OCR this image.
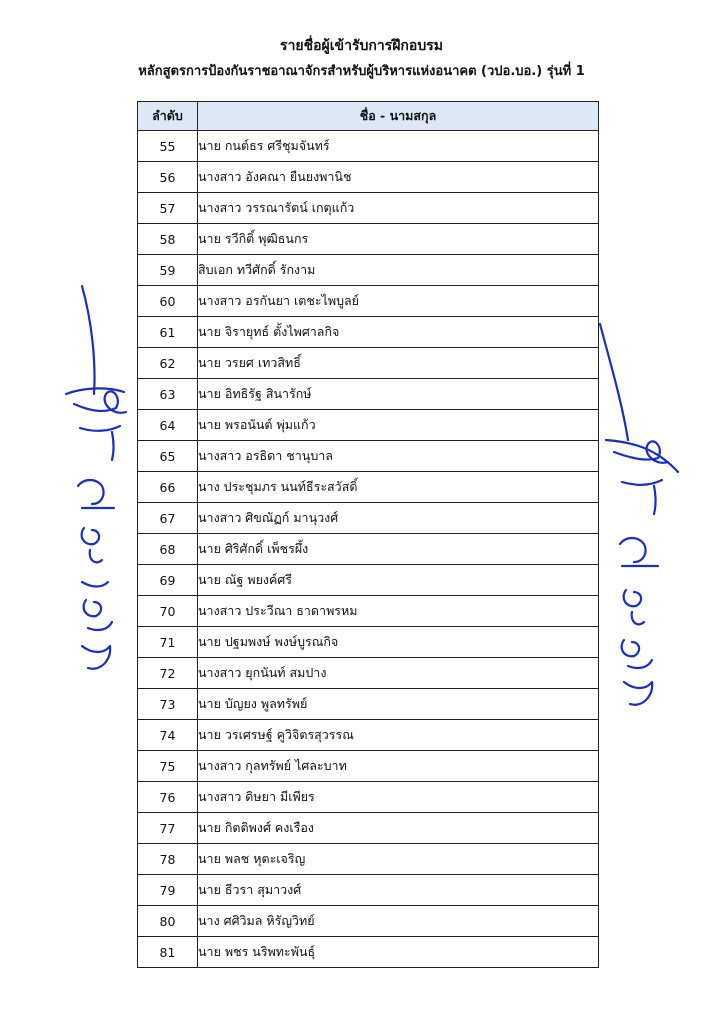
รายชื่อผู้เข้ารับการฝึกอบรม
หลักสูตรการป้องกันราชอาณาจักรสำหรับผู้บริหารแห่งอนาคต (วปอ.บอ.) รุ่นที่ 1
ลำดับ	ชื่อ - นามสกุล
55	นาย กนต์ธร ศรีชุมจันทร์
56	นางสาว อังคณา ยืนยงพานิช
57	นางสาว วรรณารัตน์ เกตุแก้ว
58	นาย รวีกิติ์ พุฒิธนกร
59	สิบเอก ทวีศักดิ์ รักงาม
60	นางสาว อรกันยา เตชะไพบูลย์
61	นาย จิรายุทธ์ ตั้งไพศาลกิจ
62	นาย วรยศ เทวสิทธิ์
63	นาย อิทธิรัฐ สินารักษ์
64	นาย พรอนันต์ พุ่มแก้ว
65	นางสาว อรธิดา ชานุบาล
66	นาง ประชุมภร นนท์ธีระสวัสดิ์
67	นางสาว ศิขณัฏก์ มานุวงศ์
68	นาย ศิริศักดิ์ เพ็ชรผึ้ง
69	นาย ณัฐ พยงค์ศรี
70	นางสาว ประวีณา ธาดาพรหม
71	นาย ปฐมพงษ์ พงษ์บูรณกิจ
72	นางสาว ยุกนันท์ สมปาง
73	นาย บัญยง พูลทรัพย์
74	นาย วรเศรษฐ์ คูวิจิตรสุวรรณ
75	นางสาว กุลทรัพย์ ไศละบาท
76	นางสาว ดิษยา มีเพียร
77	นาย กิตติพงศ์ คงเรือง
78	นาย พลช หุตะเจริญ
79	นาย ธีวรา สุมาวงศ์
80	นาง ศศิวิมล หิรัญวิทย์
81	นาย พชร นริพทะพันธุ์
